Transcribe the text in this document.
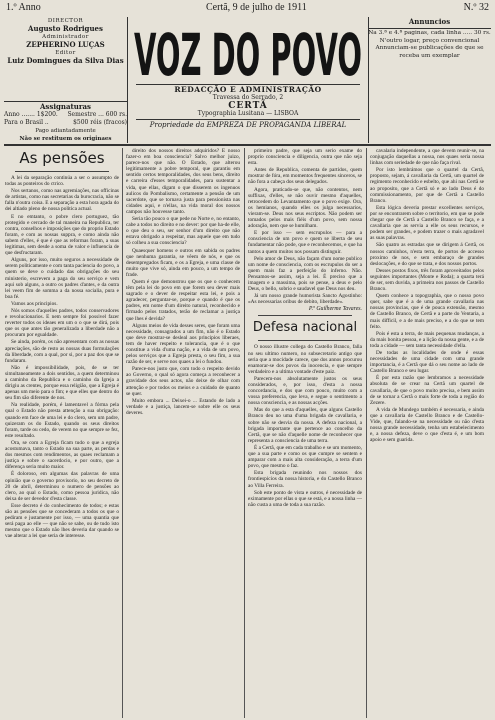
1.º Anno	Certã, 9 de julho de 1911	N.º 32
DIRECTOR
Augusto Rodrigues
Administrador
ZEPHERINO LUÇAS
Editor
Luiz Domingues da Silva Dias VOZ DO POVO
REDACÇÃO E ADMINISTRAÇÃO
Travessa do Serrado, 2
CERTÃ
Typographia Lusitana — LISBOA
Propriedade da EMPREZA DE PROPAGANDA LIBERAL
Annuncios

Na 3.ª e 4.ª paginas, cada linha ..... 30 rs.

N'outro logar, preço convencional

Annunciam-se publicações de que se receba um exemplar

Assignaturas
Anno ....... 1$200. Semestre ... 600 rs.
Para o Brasil ..	$500 réis (fracos)
Pago adiantadamente
Não se restituem os originaes
As pensões

A lei da separação continúa a ser o assumpto de todas as ponteiros do ctrico.

Nos sertanos, como nas agremiações, nas officinas de artistas, como nas secretarias da burocracia, não se falla n'outra coisa. E a separação a esta hora agada do dei altiado pleno de nossa politica actual.

E no emtanto, o pobre clero portuguez, tão protegido e cercado de tal maneira na Republica, ter contra, conselhos e imposições que do proprio Estado foram, e com as nossas suppra, e como ainda não sabem d'elles, é que é que as reformas foram, a suas legitimas, sem desde a soma de valor e influencia de que desfructaram.

Alguns, por isso, muito seguros a necessidade de serem politicamente e com tanta paciencia do povo, a quem se deve o cuidado das obrigações do seu ministerio, escrevem a paga do seu serviço e vem aqui sob alguns, a outro os padres d'antes, e da outra lei veem fim de somma a da nossa socialia, pura e boa fé.

Vamos aos principios.

Nós somos d'aquelles padres, todos conservadores e revolucionarios. E nem sempre foi possivel fazer reverter todos os ideaes em um o o que se dirá, pois que os que antes tão generalizada a liberdade não a procuram por egualdade.

Se ainda, porém, os não apresentam com as nossas apreciações, são de resto as nossas duas formulações da liberdade, com a qual, por si, por a paz dos que se fundaram.

Não é impossibilidade, pois, de se ter simultaneamente a dois sentidos, a quem determinou a caminho da Republica e o caminho da Igreja a dirigiu as crentes, porque essa religião, que a Egreja é apenas um meio para o fim; e que elles que dentro do seu fim são diferente de nos.

Na realidade, porém, é lamentavel a fórma pela qual o Estado não presta attenção a sua obrigação: quando em face de uma lei e do clero, sem um padre, quizeram os do Estado, quando os seus direitos foram, tarde ou cedo, de verem no que sempre se fez, este resultado.

Ora, se com a Egreja ficam tudo o que a egreja acostumava, tanto o Estado na sua parte, as perdas e dos mesmos com rendimentos, as quaes reclamam a justiça e sobre o sacerdocio, e por outro, que a diferença seria muito maior.

É doloroso, em algumas das palavras de uma opinião que o governo provisorio, no seu decreto de 20 de abril, determinou o numero de pensões ao clero, ao qual o Estado, como pessoa juridica, não deixa de ser devedor d'esta classe.

Esse decreto é do conhecimento de todos; e estas são as pensões que se concederam a todos os que o pediram e justamente por isso, — uma quantia que será paga ao elle — que não se sabe, ou de tudo isto mesmo que o Estado não lhes deveria dar quando se vae alterar a lei que seria de interesse.

direito dos nossos direitos adquiridos? E nosso fazer-o em boa consciencia? Salvo melhor juizo, parece-nos que não. O Estado, que alterou legitimamente a pobre temporal, que garantiu em sentido certos temporalidades, dos seus bens, direito e carreira d'esses temporalidades, para sustentar a vida, que ellas, digam o que disserem os ingenuos aulicos do Pombalismo, certamente a pensão de um sacerdote, que se tornava justa para pensionista nas cidades aqui, e n'ellas, na vida moral dos nossos campos não houvesse tanto.

Seria tão pouco o que pede no Norte e, no entanto, cabe a todos no direito e no dever: por que ha-de elle, o que deu o seu, ser senhor d'um direito que não estava obrigado a respeitar, mas aquele que em tudo só colheu a sua consciencia?

Quaesquer homens e outros em sabida os padres que nenhuma garantia, se vêem de nós, e que os desempregados ficam, e os a Egreja, e uma classe de muito que vive só, ainda em pouco, a um tempo de frade.

Quem é que demonstrou que os que o conhecem têm pela lei do povo em que forem seu dever mais sagrado e o dever de respeitar esta lei, e pois a agradecer, perguntar-se, porque e quando é que os padres, em nome d'um direito natural, reconhecido e firmado pelos tratados, terão de reclamar a justiça que lhes é devida?

Alguns meios de vida desses seres, que foram uma necessidade, consagrados a um fim, não é o Estado que deve mostrar-se desleal aos principios liberaes, tem de haver respeito e tolerancia, que é o que constitue a vida d'uma nação, e a vida de um povo, pelos serviços que a Egreja presta, o seu fim, a sua razão de ser, e serve nos quaes a lei o fundou.

Parece-nos justo que, com todo o respeito devido ao Governo, o qual só agora começa a reconhecer a gravidade dos seus actos, não deixe de olhar com attenção e por todos os meios e a cuidado de quanto se quer.

Muito embora ... Deixei-o ... Estando de lado a verdade e a justiça, lancem-se sobre elle os seus deveres.

primeiro padre, que seja um serio exame do proprio consciencia e diligencia, outra que não seja esta.

Antes de Republica, comenta de partidos, quem mostrar de fóra, em momentos frequentes sinceros, se não fora a cabeça dos seus delegados.

Agora, praticado-se que, não contentos, nem suffixas, d'elles, se não ouvir mesmo d'aquelles, retrocedem do Levantamento que o povo exige. Ora, os hemianos, quando elles os julga necessarios, vieram-se. Deus nos seus escriptos. Não podem ser tomados pelos mais fiéis d'um povo, sem nossa adoração, nem que se humilham.

E por isso — sem escrupulos — para a consciencia de um povo e quem se liberta de seu fundamentar não pode, que e reconhecemos, e que ha tantos a quem muitos nos possam distinguir.

Pelo amor de Deus, não façam d'um nome publico um nome de consciencia, com os escrupulos do ser a quem mais faz a perfeição do inferno. Não. Pensamos-se assim, seja a lei. É preciso que a imagem e a massima, pois se pense, a deus e pelo Deus, o bello, sobrio e saudavel que Deus nos deu.

Já um nosso grande humorista Sancto Agostinho: «As necessarias oribus de debito, liberdade».

P.º Guilherme Tavares.
Defesa nacional

O nosso illustre collega do Castello Branco, falla no seu ultimo numero, no subsecretario antigo que seria que a mocidade carece, que dos annos procurou enamorar-se dos povos da inocencia, e que sempre verdadeiro e a ultima vontade d'este paiz.

Parecem-nos absolutamente justos os seus considerados, e, por isso, d'esta a nossa concordancia, e dos que com pouco, muito com a vossa preferencia, que leva, e segue o sentimento a nossa consciencia, e as nossas acções.

Mas do que a esta d'aquelles, que alguns Castello Branco deu no uma d'uma brigada de cavallaria, e sobre não se desvia da nossa. A defeza nacional, a brigada importante que pertence ao concelho da Certã, que se não d'aquelle nome de reconhecer que representa a consciencia de uma terra.

É a Certã, que em cada trabalho e se um momento, que a sua parte e como os que cumpre se sentem e amparar com a mais alta consideração, a terra d'um povo, que mesmo o faz.

Esta brigada reunindo nos nossos dos frontiespicios da nossa historia, e do Castello Branco ao Villa Ferreira.

Sob este ponto de vista e outros, é necessidade de eximamente por ellas o que se está, e a nossa linha — não custa a uma de toda a sua razão.

cavalaria independente, a que devem reunir-se, na conjugação daquellas a nossa, nos quaes seria nossa linhas com seriedade de que não faça rival.

Por isto lembrámos que o quartel da Certã, proposto, sejam, á cavallaria da Certã, um quartel de regimento reconhecido e esbelto, que ahi nas Certã se ao proposito, que a Certã só e ao lado Deus é do commissionamento, por que de Certã a Castello Branco.

Esta lógica deveria prestar excellentes serviços, por se encontrarem sobre o territorio, em que se pode chegar que de Certã a Castello Branco se faça, e a cavallaria que as servia a elle os seus recursos, e podem ser grandes, e podem trazer o mais agradavel as suas palavras.

São quatro as estradas que se dirigem á Certã, os nossos caminhos, n'esta terra, de portos de accesso proximo de nos, e sem embaraço de grandes deslocações, e do que se trata, e dos nossos portos.

Desses postos fixos, três foram aproveitados pelos seguintes importantes (Monte e Roda); a quarta terá de ser, sem duvida, a primeira nos passos de Castello Branco.

Quem conhece a topographia, que o nosso povo quer, sabe que é a de uma grande cavallaria nas nossas provincias, que é de pouca extensão, mesmo de Castello Branco, de Certã e a parte do Ventaria, a mais difficil, e a de mais preciso, e a do que se tem feito.

Pois é esta a terra, de mais pequenas mudanças, a da mais bonita pessoa, e a lição da nossa gente, e a de toda a cidade — sem tanta necessidade d'ella.

De todas as localidades de onde é essas necessidades de uma cidade com uma grande importancia, é a Certã que dá o seu nome ao lado de Castello Branco e seu lugar.

É por esta razão que lembramos a necessidade absoluta de se crear na Certã um quartel de cavallaria, de que o povo muito precisa, e bem assim de se tornar a Certã o mais forte de toda a região do Zezere.

A vida de Mundego também é necessaria, e ainda que a cavallaria de Castello Branco e de Castello-Vide, que, falando-se na necessidade ou não d'esta nossa grande necessidade, tenha um estabelecimento e, a nossa defeza, deve o que d'esta é, e um bom apoio e sem guarida.
